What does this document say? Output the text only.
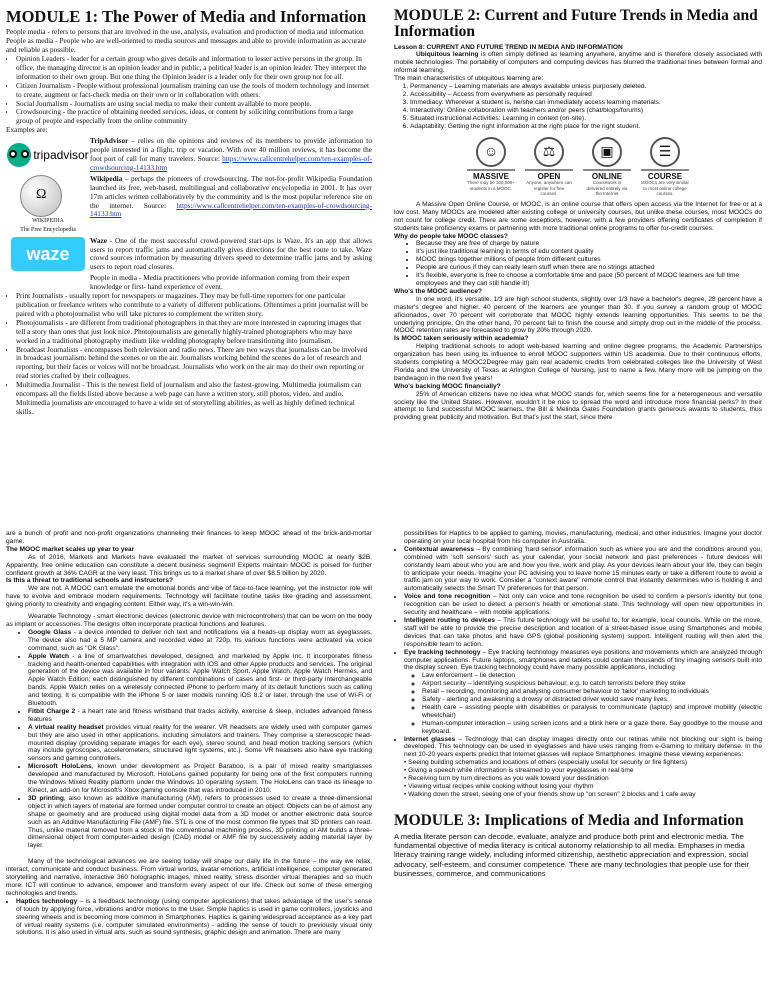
MODULE 1: The Power of Media and Information

People media - refers to persons that are involved in the use, analysis, evaluation and production of media and information

People as media - People who are well-oriented to media sources and messages and able to provide information as accurate and reliable as possible.

• Opinion Leaders - leader for a certain group who gives details and information to lesser active persons in the group. In office, the managing director is an opinion leader and in public, a political leader is an opinion leader. They interpret the information to their own group. But one thing the Opinion leader is a leader only for their own group not for all.
• Citizen Journalism - People without professional journalism training can use the tools of modern technology and internet to create, augment or fact-check media on their own or in collaboration with others.
• Social Journalism - Journalists are using social media to make their content available to more people.
• Crowdsourcing - the practice of obtaining needed services, ideas, or content by soliciting contributions from a large group of people and especially from the online community

Examples are:

tripadvisor
TripAdvisor – relies on the opinions and reviews of its members to provide information to people interested in a flight, trip or vacation. With over 40 million reviews, it has become the foot port of call for many travelers. Source: https://www.callcentrehelper.com/ten-examples-of-crowdsourcing-14133.htm
Ω
WIKIPEDIA
The Free Encyclopedia
Wikipedia – perhaps the pioneers of crowdsourcing. The not-for-profit Wikipedia Foundation launched its free, web-based, multilingual and collaborative encyclopedia in 2001. It has over 17m articles written collaboratively by the community and is the most popular reference site on the internet. Source: https://www.callcentrehelper.com/ten-examples-of-crowdsourcing-14133.htm
waze
Waze - One of the most successful crowd-powered start-ups is Waze. It's an app that allows users to report traffic jams and automatically gives directions for the best route to take. Waze crowd sources information by measuring drivers speed to determine traffic jams and by asking users to report road closures.

People in media - Media practitioners who provide information coming from their expert knowledge or first- hand experience of event.

• Print Journalists - usually report for newspapers or magazines. They may be full-time reporters for one particular publication or freelance writers who contribute to a variety of different publications. Oftentimes a print journalist will be paired with a photojournalist who will take pictures to complement the written story.
• Photojournalists - are different from traditional photographers in that they are more interested in capturing images that tell a story than ones that just look nice. Photojournalists are generally highly-trained photographers who may have worked in a traditional photography medium like wedding photography before transitioning into journalism.
• Broadcast Journalists - encompasses both television and radio news. There are two ways that journalists can be involved in broadcast journalism: behind the scenes or on the air. Journalists working behind the scenes do a lot of research and reporting, but their faces or voices will not be broadcast. Journalists who work on the air may do their own reporting or read stories crafted by their colleagues.
• Multimedia Journalist - This is the newest field of journalism and also the fastest-growing. Multimedia journalism can encompass all the fields listed above because a web page can have a written story, still photos, video, and audio. Multimedia journalists are encouraged to have a wide set of storytelling abilities, as well as highly defined technical skills.
MODULE 2: Current and Future Trends in Media and Information

Lesson 8: CURRENT AND FUTURE TREND IN MEDIA AND INFORMATION

Ubiquitous learning is often simply defined as learning anywhere, anytime and is therefore closely associated with mobile technologies. The portability of computers and computing devices has blurred the traditional lines between formal and informal learning.

The main characteristics of ubiquitous learning are:

1. Permanency – Learning materials are always available unless purposely deleted.
2. Accessibility – Access from everywhere as personally required
3. Immediacy: Wherever a student is, he/she can immediately access learning materials.
4. Interactivity: Online collaboration with teachers and/or peers (chat/blogs/forums)
5. Situated instructional Activities: Learning in context (on-site).
6. Adaptability: Getting the right information at the right place for the right student.
☺
MASSIVE
There may be 100,000+ students in a MOOC.
⚖
OPEN
Anyone, anywhere can register for free courses.
▣
ONLINE
Coursework is delivered entirely via the Internet
☰
COURSE
MOOCs are very similar to most online college courses.

A Massive Open Online Course, or MOOC, is an online course that offers open access via the Internet for free or at a low cost. Many MOOCs are modeled after existing college or university courses, but unlike these courses, most MOOCs do not count for college credit. There are some exceptions, however, with a few providers offering certificates of completion if students take proficiency exams or partnering with more traditional online programs to offer for-credit courses.

Why do people take MOOC classes?

• Because they are free of charge by nature
• It's just like traditional learning in terms of edu content quality
• MOOC brings together millions of people from different cultures
• People are curious if they can really learn stuff when there are no strings attached
• It's flexible, everyone is free to choose a comfortable time and pace (50 percent of MOOC learners are full time employees and they can still handle it!)

Who's the MOOC audience?

In one word, it's versatile. 1/3 are high school students, slightly over 1/3 have a bachelor's degree, 28 percent have a master's degree and higher. 40 percent of the learners are younger than 30. If you survey a random group of MOOC aficionados, over 70 percent will corroborate that MOOC highly extends learning opportunities. This seems to be the underlying principle. On the other hand, 70 percent fail to finish the course and simply drop out in the middle of the process. MOOC retention rates are forecasted to grow by 20% through 2020.

Is MOOC taken seriously within academia?

Helping traditional schools to adopt web-based learning and online degree programs, the Academic Partnerships organization has been using its influence to enroll MOOC supporters within US academia. Due to their continuous efforts, students completing a MOOC2Degree may gain real academic credits from celebrated colleges like the University of West Florida and the University of Texas at Arlington College of Nursing, just to name a few. Many more will be jumping on the bandwagon in the next five years!

Who's backing MOOC financially?

25% of American citizens have no idea what MOOC stands for, which seems fine for a heterogeneous and versatile society like the United States. However, wouldn't it be nice to spread the word and introduce more financial perks? In their attempt to fund successful MOOC learners, the Bill & Melinda Gates Foundation grants generous awards to students, thus providing great publicity and motivation. But that's just the start, since there

are a bunch of profit and non-profit organizations channeling their finances to keep MOOC ahead of the brick-and-mortar game.

The MOOC market scales up year to year

As of 2016, Markets and Markets have evaluated the market of services surrounding MOOC at nearly $2B. Apparently, free online education can constitute a decent business segment! Experts maintain MOOC is poised for further confident growth at 36% CAGR at the very least. This brings us to a market share of over $8.5 billion by 2020.

Is this a threat to traditional schools and instructors?

We are not. A MOOC can't emulate the emotional bonds and vibe of face-to-face learning, yet the instructor role will have to evolve and embrace modern requirements. Technology will facilitate routine tasks like grading and assessment, giving priority to creativity and engaging content. Either way, it's a win-win-win.

Wearable Technology - smart electronic devices (electronic device with microcontrollers) that can be worn on the body as implant or accessories. The designs often incorporate practical functions and features.

• Google Glass - a device intended to deliver rich text and notifications via a heads-up display worn as eyeglasses. The device also had a 5 MP camera and recorded video at 720p. Its various functions were activated via voice command, such as "OK Glass".
• Apple Watch - a line of smartwatches developed, designed, and marketed by Apple Inc. It incorporates fitness tracking and health-oriented capabilities with integration with iOS and other Apple products and services. The original generation of the device was available in four variants: Apple Watch Sport, Apple Watch, Apple Watch Hermès, and Apple Watch Edition; each distinguished by different combinations of cases and first- or third-party interchangeable bands. Apple Watch relies on a wirelessly connected iPhone to perform many of its default functions such as calling and texting. It is compatible with the iPhone 5 or later models running iOS 8.2 or later, through the use of Wi-Fi or Bluetooth.
• Fitbit Charge 2 - a heart rate and fitness wristband that tracks activity, exercise & sleep, includes advanced fitness features
• A virtual reality headset provides virtual reality for the wearer. VR headsets are widely used with computer games but they are also used in other applications, including simulators and trainers. They comprise a stereoscopic head-mounted display (providing separate images for each eye), stereo sound, and head motion tracking sensors (which may include gyroscopes, accelerometers, structured light systems, etc.). Some VR headsets also have eye tracking sensors and gaming controllers.
• Microsoft HoloLens, known under development as Project Baraboo, is a pair of mixed reality smartglasses developed and manufactured by Microsoft. HoloLens gained popularity for being one of the first computers running the Windows Mixed Reality platform under the Windows 10 operating system. The HoloLens can trace its lineage to Kinect, an add-on for Microsoft's Xbox gaming console that was introduced in 2010.
• 3D printing, also known as additive manufacturing (AM), refers to processes used to create a three-dimensional object in which layers of material are formed under computer control to create an object. Objects can be of almost any shape or geometry and are produced using digital model data from a 3D model or another electronic data source such as an Additive Manufacturing File (AMF) file. STL is one of the most common file types that 3D printers can read. Thus, unlike material removed from a stock in the conventional machining process, 3D printing or AM builds a three-dimensional object from computer-aided design (CAD) model or AMF file by successively adding material layer by layer.

Many of the technological advances we are seeing today will shape our daily life in the future – the way we relax, interact, communicate and conduct business. From virtual worlds, avatar emotions, artificial intelligence, computer generated storytelling and narrative, interactive 360 holographic images, mixed reality, stress disorder virtual therapies and so much more. ICT will continue to advance, empower and transform every aspect of our life. Check out some of these emerging technologies and trends.

• Haptics technology – is a feedback technology (using computer applications) that takes advantage of the user's sense of touch by applying force, vibrations and/or motions to the User. Simple haptics is used in game controllers, joysticks and steering wheels and is becoming more common in Smartphones. Haptics is gaining widespread acceptance as a key part of virtual reality systems (i.e. computer simulated environments) - adding the sense of touch to previously visual only solutions. It is also used in virtual arts, such as sound synthesis, graphic design and animation. There are many

possibilities for Haptics to be applied to gaming, movies, manufacturing, medical, and other industries. Imagine your doctor operating on your local hospital from his computer in Australia.

• Contextual awareness – By combining 'hard sensor' information such as where you are and the conditions around you, combined with 'soft sensors' such as your calendar, your social network and past preferences - future devices will constantly learn about who you are and how you live, work and play. As your devices learn about your life, they can begin to anticipate your needs. Imagine your PC advising you to leave home 15 minutes early or take a different route to avoid a traffic jam on your way to work. Consider a "context aware" remote control that instantly determines who is holding it and automatically selects the Smart TV preferences for that person.
• Voice and tone recognition – Not only can voice and tone recognition be used to confirm a person's identity but tone recognition can be used to detect a person's health or emotional state. This technology will open new opportunities in security and healthcare – with mobile applications.
• Intelligent routing to devices – This future technology will be useful to, for example, local councils. While on the move, staff will be able to provide the precise description and location of a street-based issue using Smartphones and mobile devices that can take photos and have GPS (global positioning system) support. Intelligent routing will then alert the responsible team to action.
• Eye tracking technology – Eye tracking technology measures eye positions and movements which are analyzed through computer applications. Future laptops, smartphones and tablets could contain thousands of tiny imaging sensors built into the display screen. Eye tracking technology could have many possible applications, including:
◦ Law enforcement – lie detection
◦ Airport security – identifying suspicious behaviour, e.g. to catch terrorists before they strike
◦ Retail – recording, monitoring and analysing consumer behaviour to 'tailor' marketing to individuals
◦ Safety - alerting and awakening a drowsy or distracted driver would save many lives
◦ Health care – assisting people with disabilities or paralysis to communicate (laptop) and improve mobility (electric wheelchair)
◦ Human-computer interaction – using screen icons and a blink here or a gaze there. Say goodbye to the mouse and keyboard.
• Internet glasses – Technology that can display images directly onto our retinas while not blocking our sight is being developed. This technology can be used in eyeglasses and have uses ranging from e-Gaming to military defense. In the next 10-20 years experts predict that Internet glasses will replace Smartphones. Imagine these viewing experiences:

• Seeing building schematics and locations of others (especially useful for security or fire fighters)

• Giving a speech while information is streamed to your eyeglasses in real time

• Receiving turn by turn directions as you walk toward your destination

• Viewing virtual recipes while cooking without losing your rhythm

• Walking down the street, seeing one of your friends show up "on screen" 2 blocks and 1 cafe away

MODULE 3: Implications of Media and Information

A media literate person can decode, evaluate, analyze and produce both print and electronic media. The fundamental objective of media literacy is critical autonomy relationship to all media. Emphases in media literacy training range widely, including informed citizenship, aesthetic appreciation and expression, social advocacy, self-esteem, and consumer competence. There are many technologies that people use for their businesses, commerce, and communications
